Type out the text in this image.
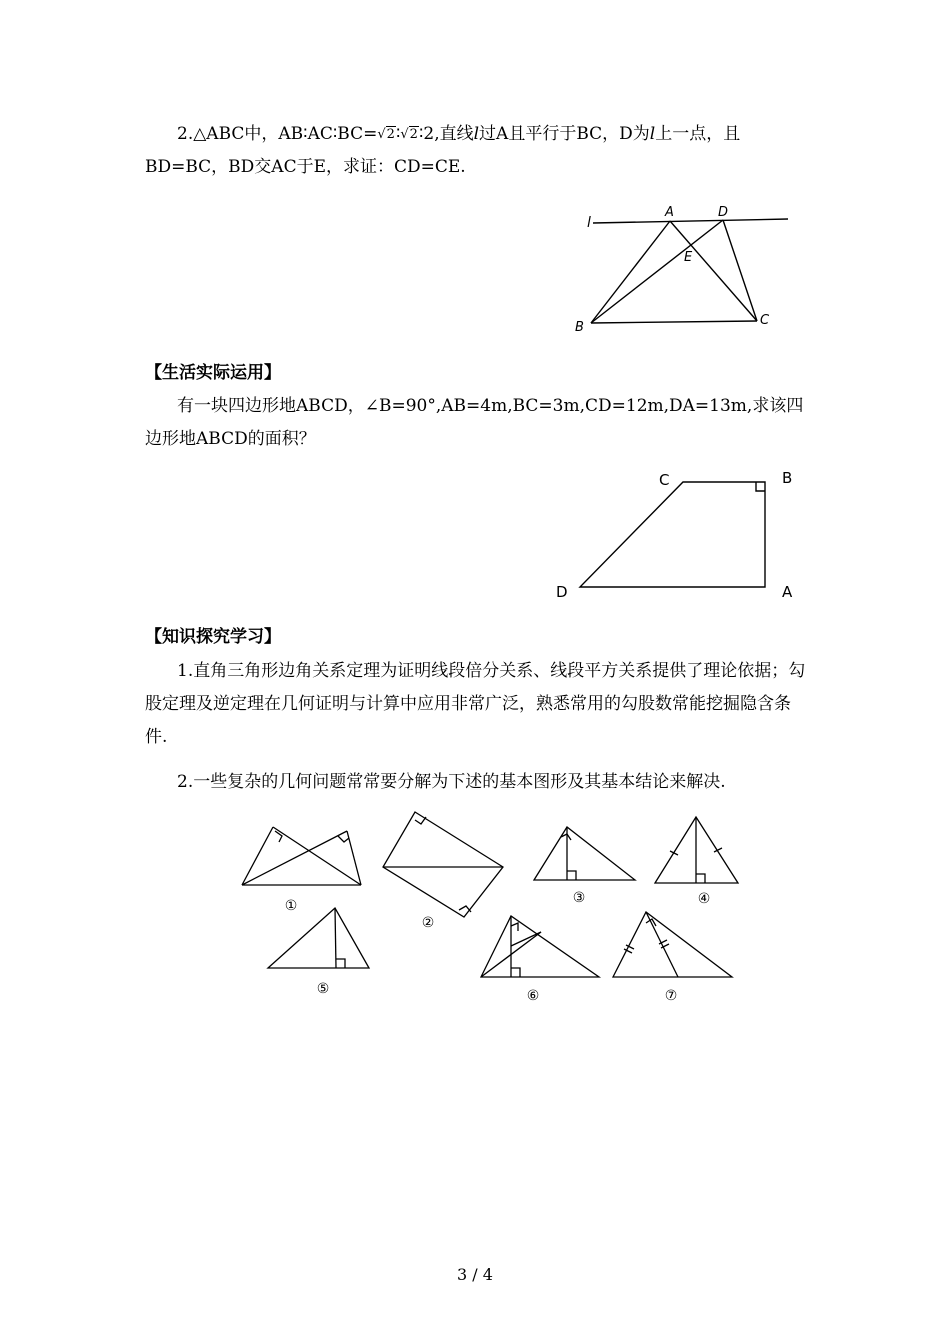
2.△ABC中，AB∶AC∶BC=√2∶√2∶2,直线l过A且平行于BC，D为l上一点，且BD=BC，BD交AC于E，求证：CD=CE.
l
A	D
E
B	C
【生活实际运用】
有一块四边形地ABCD，∠B=90°,AB=4m,BC=3m,CD=12m,DA=13m,求该四边形地ABCD的面积？
C	B
D	A
【知识探究学习】
1.直角三角形边角关系定理为证明线段倍分关系、线段平方关系提供了理论依据；勾股定理及逆定理在几何证明与计算中应用非常广泛，熟悉常用的勾股数常能挖掘隐含条件.
2.一些复杂的几何问题常常要分解为下述的基本图形及其基本结论来解决.
①
②
③	④
⑤	⑥	⑦
3 / 4
